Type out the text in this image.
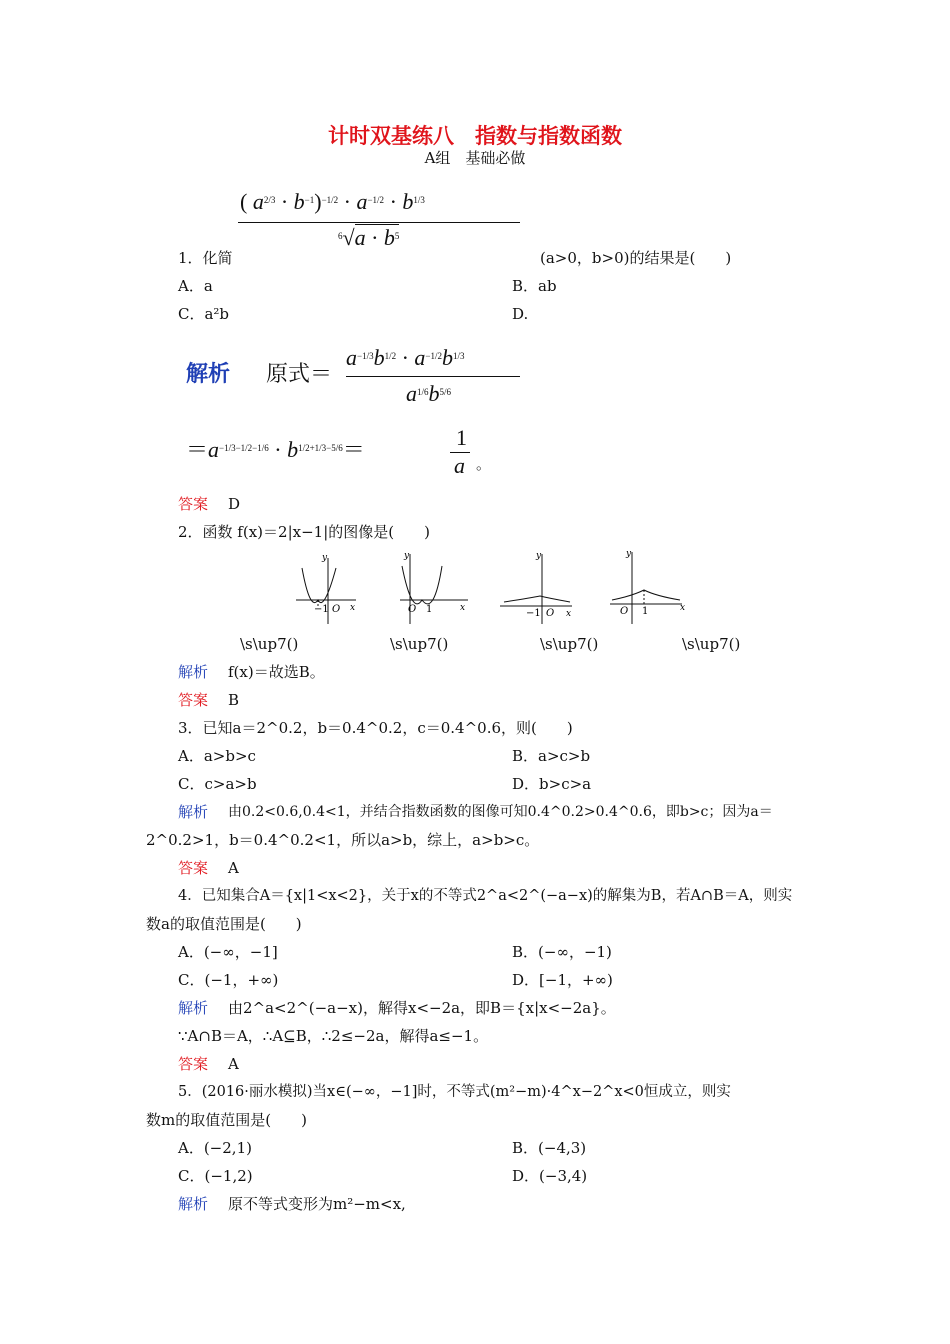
计时双基练八　指数与指数函数
A组　基础必做
( $a^{2/3} \cdot b^{-1})^{-1/2} \cdot a^{-1/2} \cdot b^{1/3}$
$^6√a \cdot b^5$
1．化简	(a>0，b>0)的结果是(　　)
A．a	B．ab
C．a²b	D.
解析 原式＝
$a^{-1/3}b^{1/2} \cdot a^{-1/2}b^{1/3}$
$a^{1/6}b^{5/6}$
$=a^{-1/3-1/2-1/6} \cdot b^{1/2+1/3-5/6}=$	1
a 。
答案 D
2．函数 f(x)＝2|x−1|的图像是(　　)
−1 O x
y
O 1	x
y
−1 O x
y
O 1	x
y
\s\up7()	\s\up7()	\s\up7()	\s\up7()
解析 f(x)＝故选B。
答案 B
3．已知a＝2^0.2，b＝0.4^0.2，c＝0.4^0.6，则(　　)
A．a>b>c	B．a>c>b
C．c>a>b	D．b>c>a
解析 由0.2<0.6,0.4<1，并结合指数函数的图像可知0.4^0.2>0.4^0.6，即b>c；因为a＝
2^0.2>1，b＝0.4^0.2<1，所以a>b，综上，a>b>c。
答案 A
4．已知集合A＝{x|1<x<2}，关于x的不等式2^a<2^(−a−x)的解集为B，若A∩B＝A，则实
数a的取值范围是(　　)
A．(−∞，−1]	B．(−∞，−1)
C．(−1，+∞)	D．[−1，+∞)
解析 由2^a<2^(−a−x)，解得x<−2a，即B＝{x|x<−2a}。
∵A∩B＝A，∴A⊆B，∴2≤−2a，解得a≤−1。
答案 A
5．(2016·丽水模拟)当x∈(−∞，−1]时，不等式(m²−m)·4^x−2^x<0恒成立，则实
数m的取值范围是(　　)
A．(−2,1)	B．(−4,3)
C．(−1,2)	D．(−3,4)
解析 原不等式变形为m²−m<x,
